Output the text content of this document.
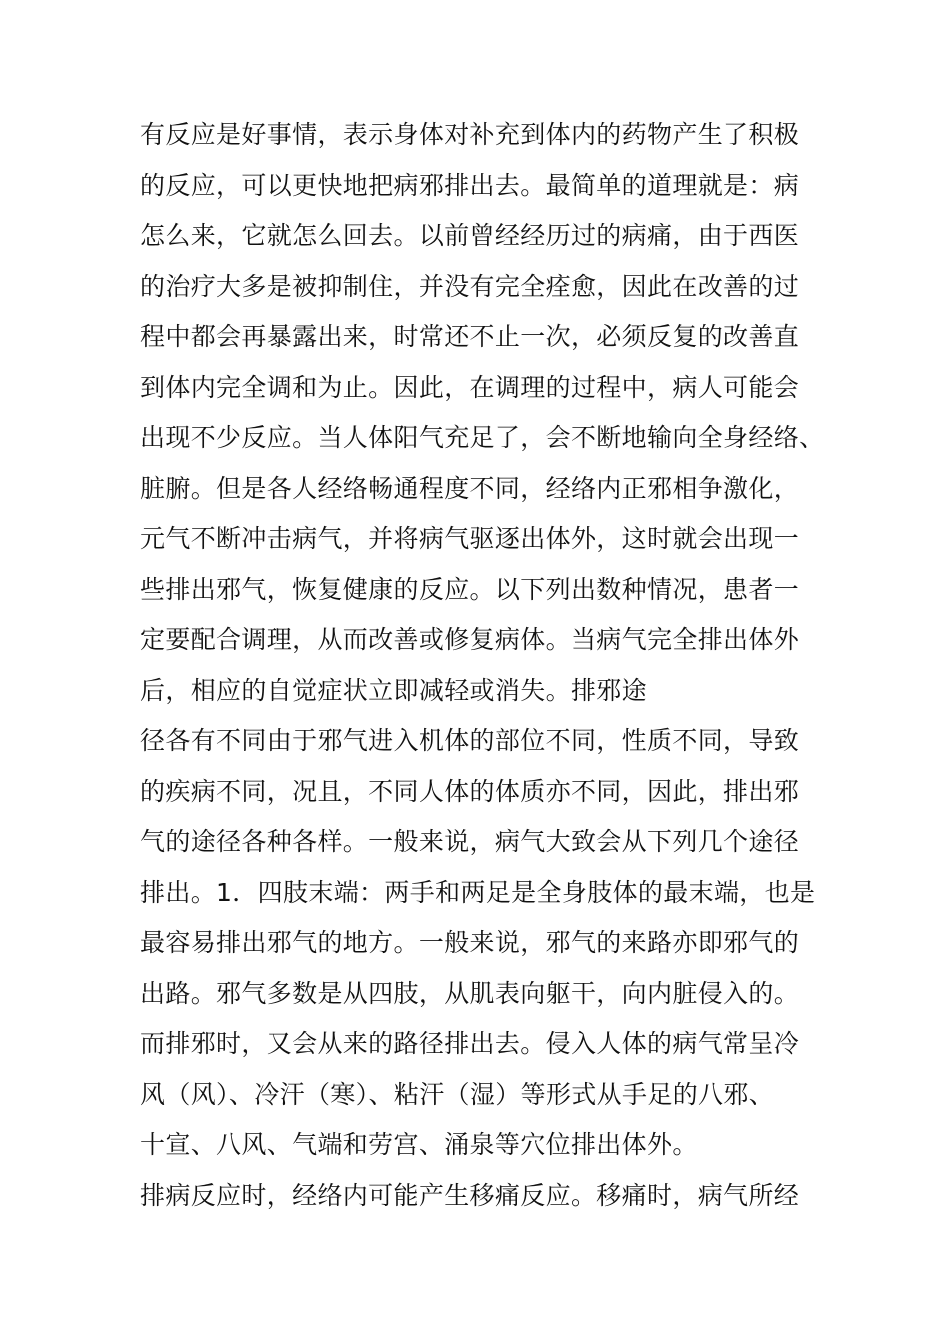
有反应是好事情，表示身体对补充到体内的药物产生了积极
的反应，可以更快地把病邪排出去。最简单的道理就是：病
怎么来，它就怎么回去。以前曾经经历过的病痛，由于西医
的治疗大多是被抑制住，并没有完全痊愈，因此在改善的过
程中都会再暴露出来，时常还不止一次，必须反复的改善直
到体内完全调和为止。因此，在调理的过程中，病人可能会
出现不少反应。当人体阳气充足了，会不断地输向全身经络、
脏腑。但是各人经络畅通程度不同，经络内正邪相争激化，
元气不断冲击病气，并将病气驱逐出体外，这时就会出现一
些排出邪气，恢复健康的反应。以下列出数种情况，患者一
定要配合调理，从而改善或修复病体。当病气完全排出体外
后，相应的自觉症状立即减轻或消失。排邪途
径各有不同由于邪气进入机体的部位不同，性质不同，导致
的疾病不同，况且，不同人体的体质亦不同，因此，排出邪
气的途径各种各样。一般来说，病气大致会从下列几个途径
排出。1．四肢末端：两手和两足是全身肢体的最末端，也是
最容易排出邪气的地方。一般来说，邪气的来路亦即邪气的
出路。邪气多数是从四肢，从肌表向躯干，向内脏侵入的。
而排邪时，又会从来的路径排出去。侵入人体的病气常呈冷
风（风）、冷汗（寒）、粘汗（湿）等形式从手足的八邪、
十宣、八风、气端和劳宫、涌泉等穴位排出体外。
排病反应时，经络内可能产生移痛反应。移痛时，病气所经
